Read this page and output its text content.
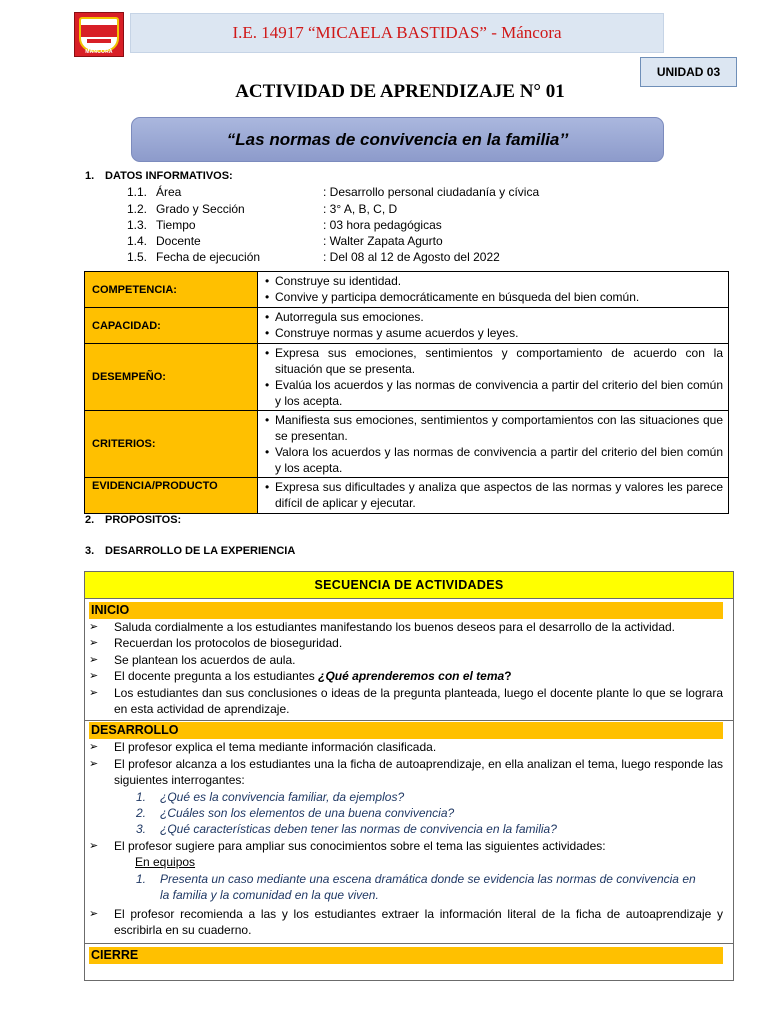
MANCORA
I.E. 14917 “MICAELA BASTIDAS” - Máncora
UNIDAD 03
ACTIVIDAD DE APRENDIZAJE N° 01
“Las normas de convivencia en la familia’’
1. DATOS INFORMATIVOS:
1.1. Área	: Desarrollo personal ciudadanía y cívica
1.2. Grado y Sección	: 3° A, B, C, D
1.3. Tiempo	: 03 hora pedagógicas
1.4. Docente	: Walter Zapata Agurto
1.5. Fecha de ejecución	: Del 08 al 12 de Agosto del 2022
COMPETENCIA:	• Construye su identidad.
• Convive y participa democráticamente en búsqueda del bien común.

CAPACIDAD:	• Autorregula sus emociones.
• Construye normas y asume acuerdos y leyes.

DESEMPEÑO:	• Expresa sus emociones, sentimientos y comportamiento de acuerdo con la situación que se presenta.
• Evalúa los acuerdos y las normas de convivencia a partir del criterio del bien común y los acepta.

CRITERIOS:	• Manifiesta sus emociones, sentimientos y comportamientos con las situaciones que se presentan.
• Valora los acuerdos y las normas de convivencia a partir del criterio del bien común y los acepta.

EVIDENCIA/PRODUCTO	• Expresa sus dificultades y analiza que aspectos de las normas y valores les parece difícil de aplicar y ejecutar.
2. PROPOSITOS:
3. DESARROLLO DE LA EXPERIENCIA
SECUENCIA DE ACTIVIDADES
INICIO
➢ Saluda cordialmente a los estudiantes manifestando los buenos deseos para el desarrollo de la actividad.
➢ Recuerdan los protocolos de bioseguridad.
➢ Se plantean los acuerdos de aula.
➢ El docente pregunta a los estudiantes ¿Qué aprenderemos con el tema?
➢ Los estudiantes dan sus conclusiones o ideas de la pregunta planteada, luego el docente plante lo que se lograra en esta actividad de aprendizaje.
DESARROLLO
➢ El profesor explica el tema mediante información clasificada.
➢ El profesor alcanza a los estudiantes una la ficha de autoaprendizaje, en ella analizan el tema, luego responde las siguientes interrogantes:
1. ¿Qué es la convivencia familiar, da ejemplos?
2. ¿Cuáles son los elementos de una buena convivencia?
3. ¿Qué características deben tener las normas de convivencia en la familia?
➢ El profesor sugiere para ampliar sus conocimientos sobre el tema las siguientes actividades:
En equipos
1. Presenta un caso mediante una escena dramática donde se evidencia las normas de convivencia en la familia y la comunidad en la que viven.
➢ El profesor recomienda a las y los estudiantes extraer la información literal de la ficha de autoaprendizaje y escribirla en su cuaderno.
CIERRE
